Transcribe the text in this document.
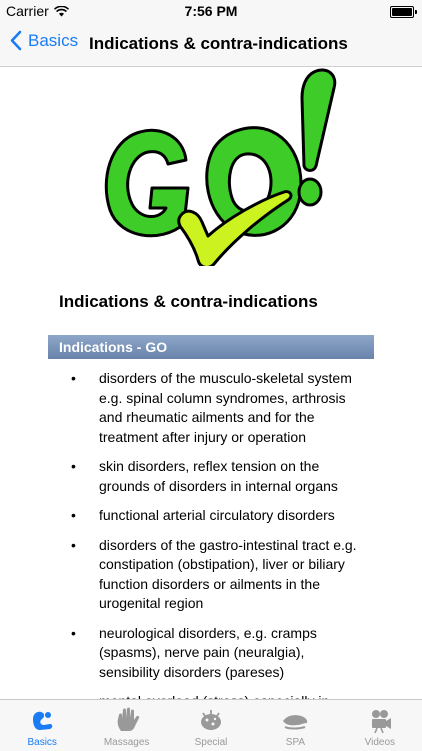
Carrier	7:56 PM
Basics Indications & contra-indications
Indications & contra-indications
Indications - GO
• disorders of the musculo-skeletal system e.g. spinal column syndromes, arthrosis and rheumatic ailments and for the treatment after injury or operation
• skin disorders, reflex tension on the grounds of disorders in internal organs
• functional arterial circulatory disorders
• disorders of the gastro-intestinal tract e.g. constipation (obstipation), liver or biliary function disorders or ailments in the urogenital region
• neurological disorders, e.g. cramps (spasms), nerve pain (neuralgia), sensibility disorders (pareses)
•
Basics	Massages	Special	SPA	Videos
